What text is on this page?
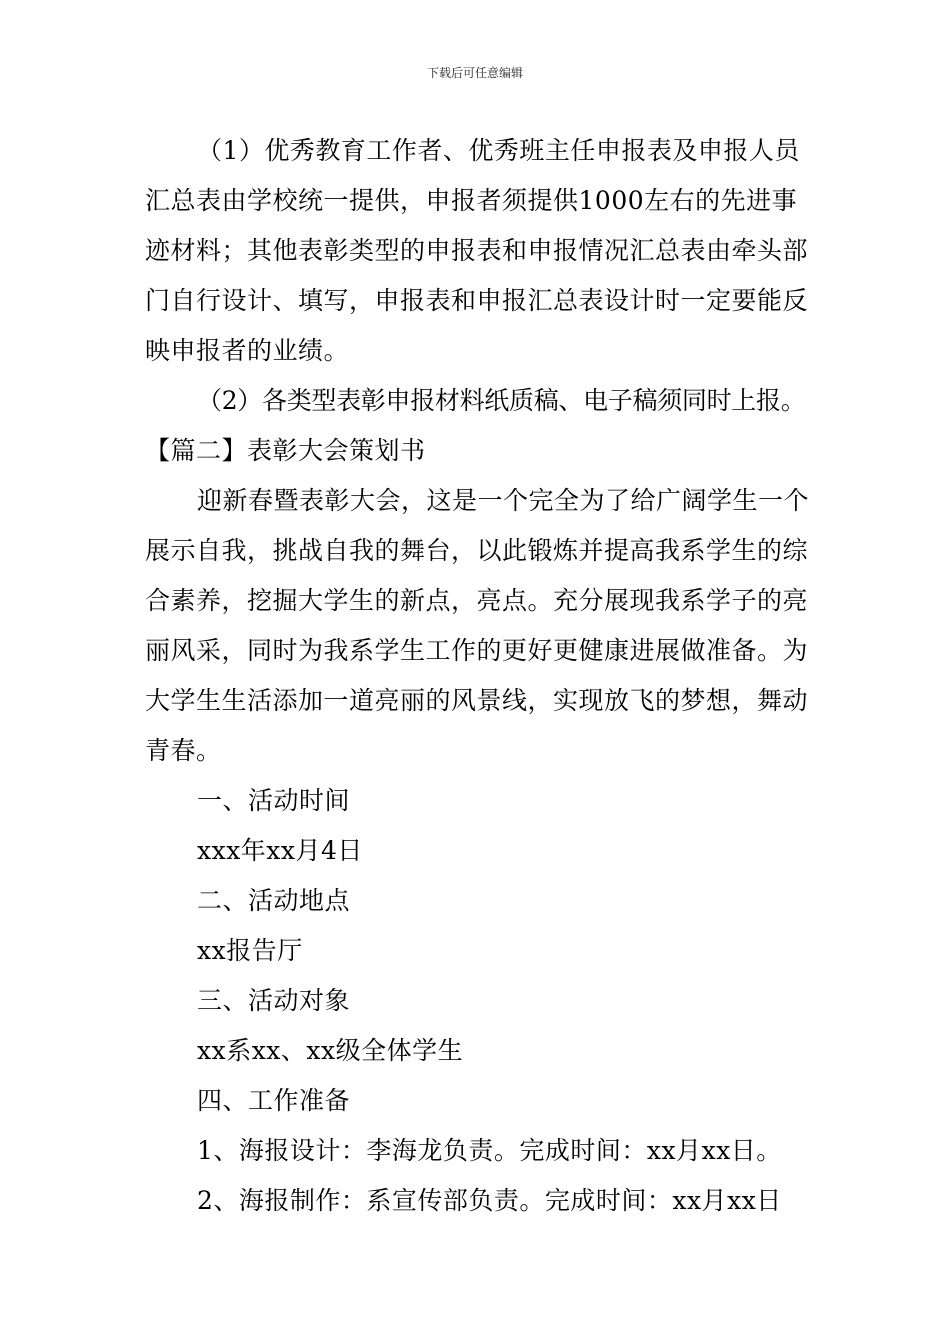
下载后可任意编辑

（1）优秀教育工作者、优秀班主任申报表及申报人员汇总表由学校统一提供，申报者须提供1000左右的先进事迹材料；其他表彰类型的申报表和申报情况汇总表由牵头部门自行设计、填写，申报表和申报汇总表设计时一定要能反映申报者的业绩。

（2）各类型表彰申报材料纸质稿、电子稿须同时上报。

【篇二】表彰大会策划书

迎新春暨表彰大会，这是一个完全为了给广阔学生一个展示自我，挑战自我的舞台，以此锻炼并提高我系学生的综合素养，挖掘大学生的新点，亮点。充分展现我系学子的亮丽风采，同时为我系学生工作的更好更健康进展做准备。为大学生生活添加一道亮丽的风景线，实现放飞的梦想，舞动青春。

一、活动时间

xxx年xx月4日

二、活动地点

xx报告厅

三、活动对象

xx系xx、xx级全体学生

四、工作准备

1、海报设计：李海龙负责。完成时间：xx月xx日。

2、海报制作：系宣传部负责。完成时间：xx月xx日
